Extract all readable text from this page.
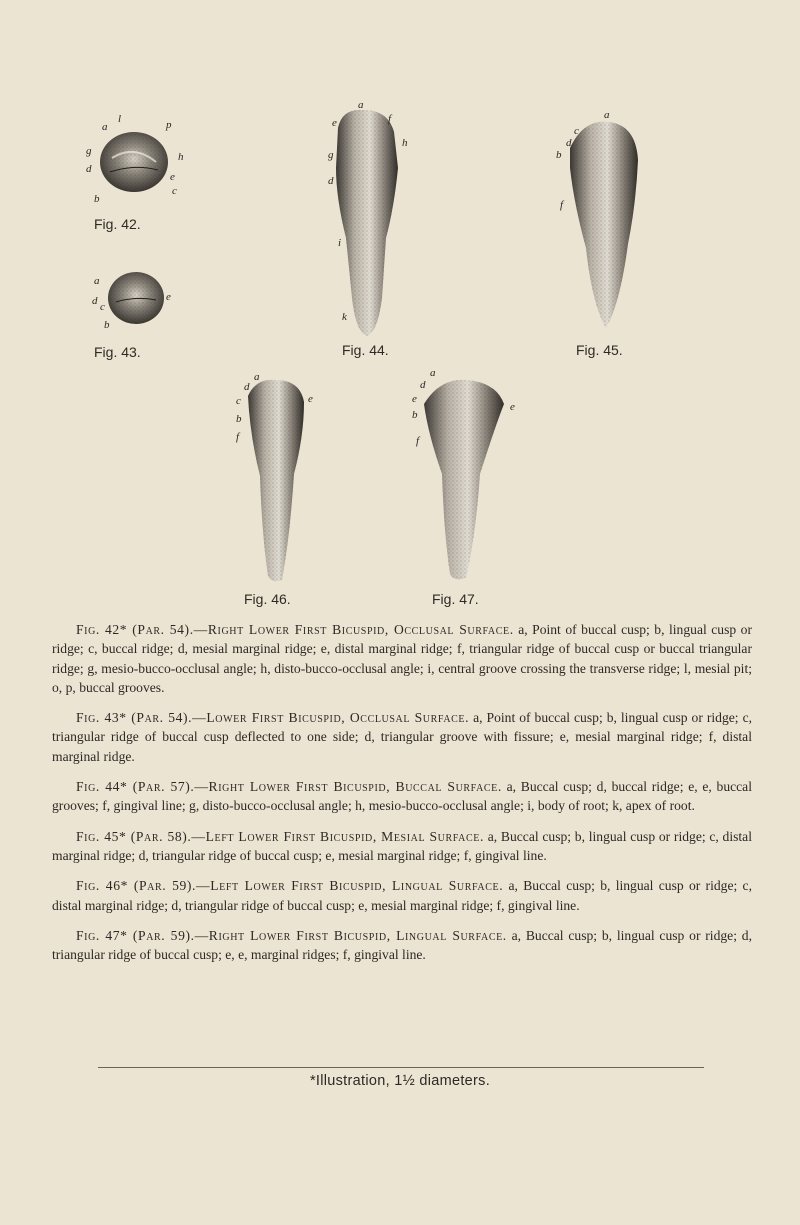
a
l	p
g	h
d
e
c
b
Fig. 42.
a
d c
e
b
Fig. 43.
a
e	f
g
d
h
i
k
Fig. 44.
a
c
b
d
f
Fig. 45.
a
d
c	e
b
f
Fig. 46.
a
d
e
e
b
f
Fig. 47.

Fig. 42* (Par. 54).—Right Lower First Bicuspid, Occlusal Surface. a, Point of buccal cusp; b, lingual cusp or ridge; c, buccal ridge; d, mesial marginal ridge; e, distal marginal ridge; f, triangular ridge of buccal cusp or buccal triangular ridge; g, mesio-bucco-occlusal angle; h, disto-bucco-occlusal angle; i, central groove crossing the transverse ridge; l, mesial pit; o, p, buccal grooves.

Fig. 43* (Par. 54).—Lower First Bicuspid, Occlusal Surface. a, Point of buccal cusp; b, lingual cusp or ridge; c, triangular ridge of buccal cusp deflected to one side; d, triangular groove with fissure; e, mesial marginal ridge; f, distal marginal ridge.

Fig. 44* (Par. 57).—Right Lower First Bicuspid, Buccal Surface. a, Buccal cusp; d, buccal ridge; e, e, buccal grooves; f, gingival line; g, disto-bucco-occlusal angle; h, mesio-bucco-occlusal angle; i, body of root; k, apex of root.

Fig. 45* (Par. 58).—Left Lower First Bicuspid, Mesial Surface. a, Buccal cusp; b, lingual cusp or ridge; c, distal marginal ridge; d, triangular ridge of buccal cusp; e, mesial marginal ridge; f, gingival line.

Fig. 46* (Par. 59).—Left Lower First Bicuspid, Lingual Surface. a, Buccal cusp; b, lingual cusp or ridge; c, distal marginal ridge; d, triangular ridge of buccal cusp; e, mesial marginal ridge; f, gingival line.

Fig. 47* (Par. 59).—Right Lower First Bicuspid, Lingual Surface. a, Buccal cusp; b, lingual cusp or ridge; d, triangular ridge of buccal cusp; e, e, marginal ridges; f, gingival line.

*Illustration, 1½ diameters.
